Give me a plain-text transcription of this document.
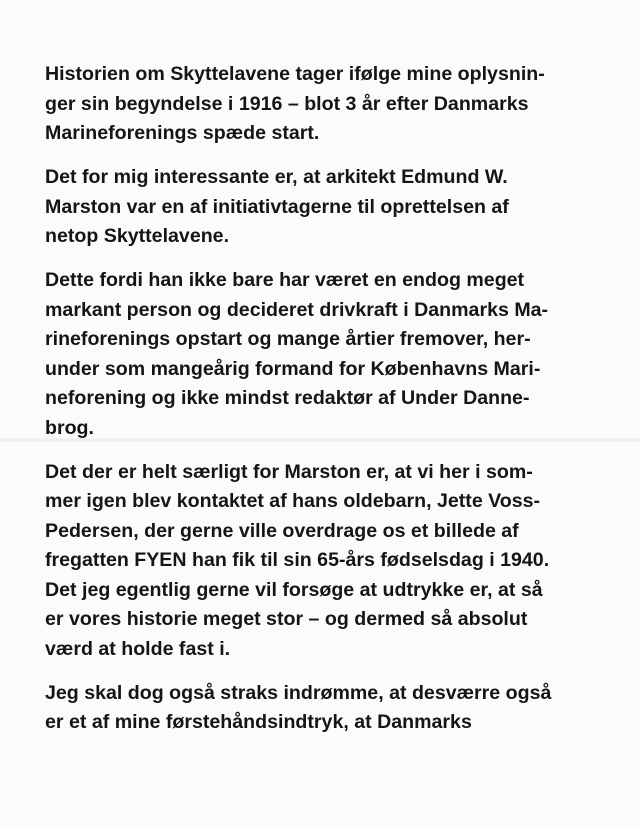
Historien om Skyttelavene tager ifølge mine oplysnin-
ger sin begyndelse i 1916 – blot 3 år efter Danmarks
Marineforenings spæde start.

Det for mig interessante er, at arkitekt Edmund W.
Marston var en af initiativtagerne til oprettelsen af
netop Skyttelavene.

Dette fordi han ikke bare har været en endog meget
markant person og decideret drivkraft i Danmarks Ma-
rineforenings opstart og mange årtier fremover, her-
under som mangeårig formand for Københavns Mari-
neforening og ikke mindst redaktør af Under Danne-
brog.

Det der er helt særligt for Marston er, at vi her i som-
mer igen blev kontaktet af hans oldebarn, Jette Voss-
Pedersen, der gerne ville overdrage os et billede af
fregatten FYEN han fik til sin 65-års fødselsdag i 1940.
Det jeg egentlig gerne vil forsøge at udtrykke er, at så
er vores historie meget stor – og dermed så absolut
værd at holde fast i.

Jeg skal dog også straks indrømme, at desværre også
er et af mine førstehåndsindtryk, at Danmarks
